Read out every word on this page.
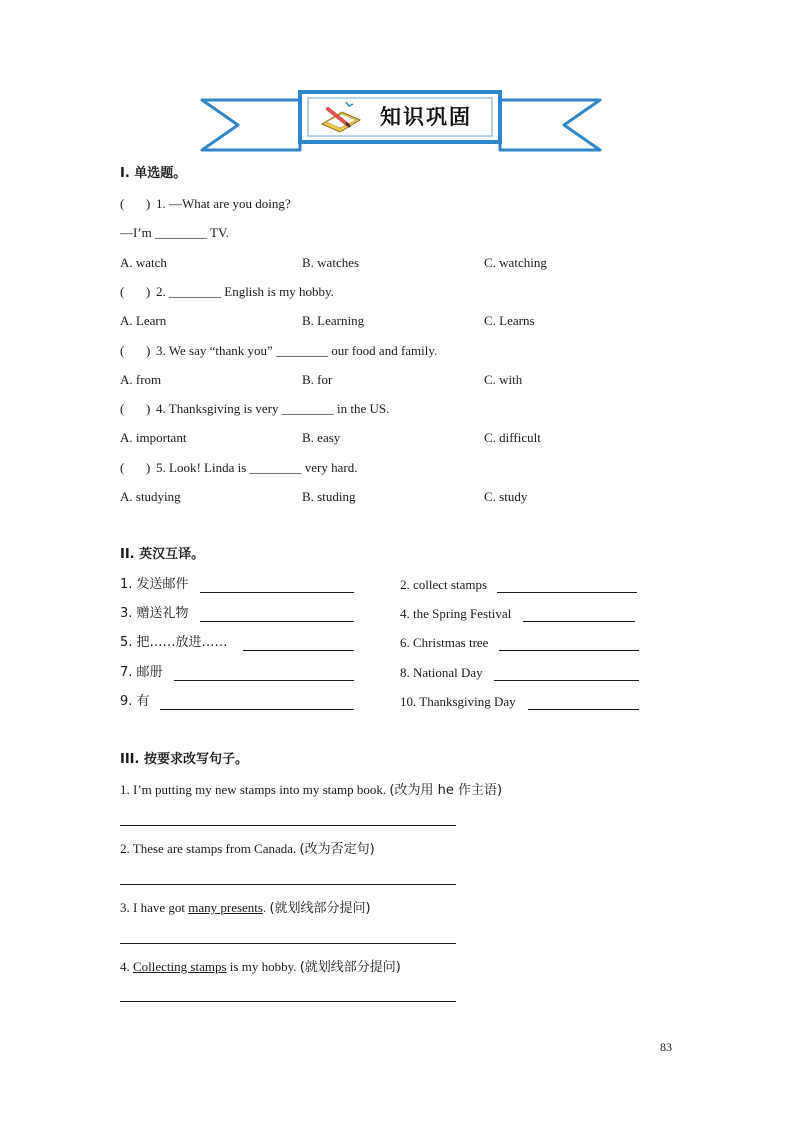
知识巩固
I. 单选题。
( ) 1. —What are you doing?
—I’m ________ TV.
A. watch	B. watches	C. watching
( ) 2. ________ English is my hobby.
A. Learn	B. Learning	C. Learns
( ) 3. We say “thank you” ________ our food and family.
A. from	B. for	C. with
( ) 4. Thanksgiving is very ________ in the US.
A. important	B. easy	C. difficult
( ) 5. Look! Linda is ________ very hard.
A. studying	B. studing	C. study
II. 英汉互译。
1. 发送邮件	2. collect stamps
3. 赠送礼物	4. the Spring Festival
5. 把……放进……	6. Christmas tree
7. 邮册	8. National Day
9. 有	10. Thanksgiving Day
III. 按要求改写句子。
1. I’m putting my new stamps into my stamp book. (改为用 he 作主语)
2. These are stamps from Canada. (改为否定句)
3. I have got many presents. (就划线部分提问)
4. Collecting stamps is my hobby. (就划线部分提问)
83
